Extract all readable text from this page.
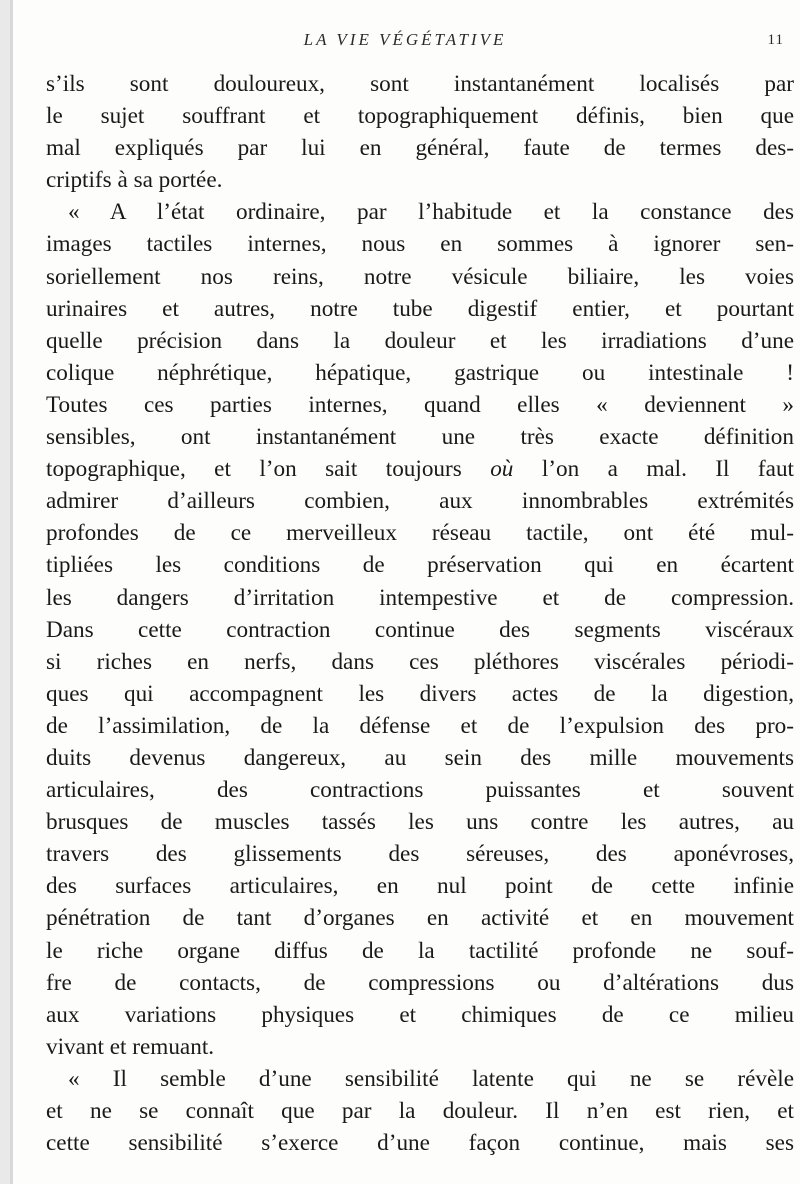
LA VIE VÉGÉTATIVE	11
s’ils sont douloureux, sont instantanément localisés par
le sujet souffrant et topographiquement définis, bien que
mal expliqués par lui en général, faute de termes des-
criptifs à sa portée.
« A l’état ordinaire, par l’habitude et la constance des
images tactiles internes, nous en sommes à ignorer sen-
soriellement nos reins, notre vésicule biliaire, les voies
urinaires et autres, notre tube digestif entier, et pourtant
quelle précision dans la douleur et les irradiations d’une
colique néphrétique, hépatique, gastrique ou intestinale !
Toutes ces parties internes, quand elles « deviennent »
sensibles, ont instantanément une très exacte définition
topographique, et l’on sait toujours où l’on a mal. Il faut
admirer d’ailleurs combien, aux innombrables extrémités
profondes de ce merveilleux réseau tactile, ont été mul-
tipliées les conditions de préservation qui en écartent
les dangers d’irritation intempestive et de compression.
Dans cette contraction continue des segments viscéraux
si riches en nerfs, dans ces pléthores viscérales périodi-
ques qui accompagnent les divers actes de la digestion,
de l’assimilation, de la défense et de l’expulsion des pro-
duits devenus dangereux, au sein des mille mouvements
articulaires, des contractions puissantes et souvent
brusques de muscles tassés les uns contre les autres, au
travers des glissements des séreuses, des aponévroses,
des surfaces articulaires, en nul point de cette infinie
pénétration de tant d’organes en activité et en mouvement
le riche organe diffus de la tactilité profonde ne souf-
fre de contacts, de compressions ou d’altérations dus
aux variations physiques et chimiques de ce milieu
vivant et remuant.
« Il semble d’une sensibilité latente qui ne se révèle
et ne se connaît que par la douleur. Il n’en est rien, et
cette sensibilité s’exerce d’une façon continue, mais ses
